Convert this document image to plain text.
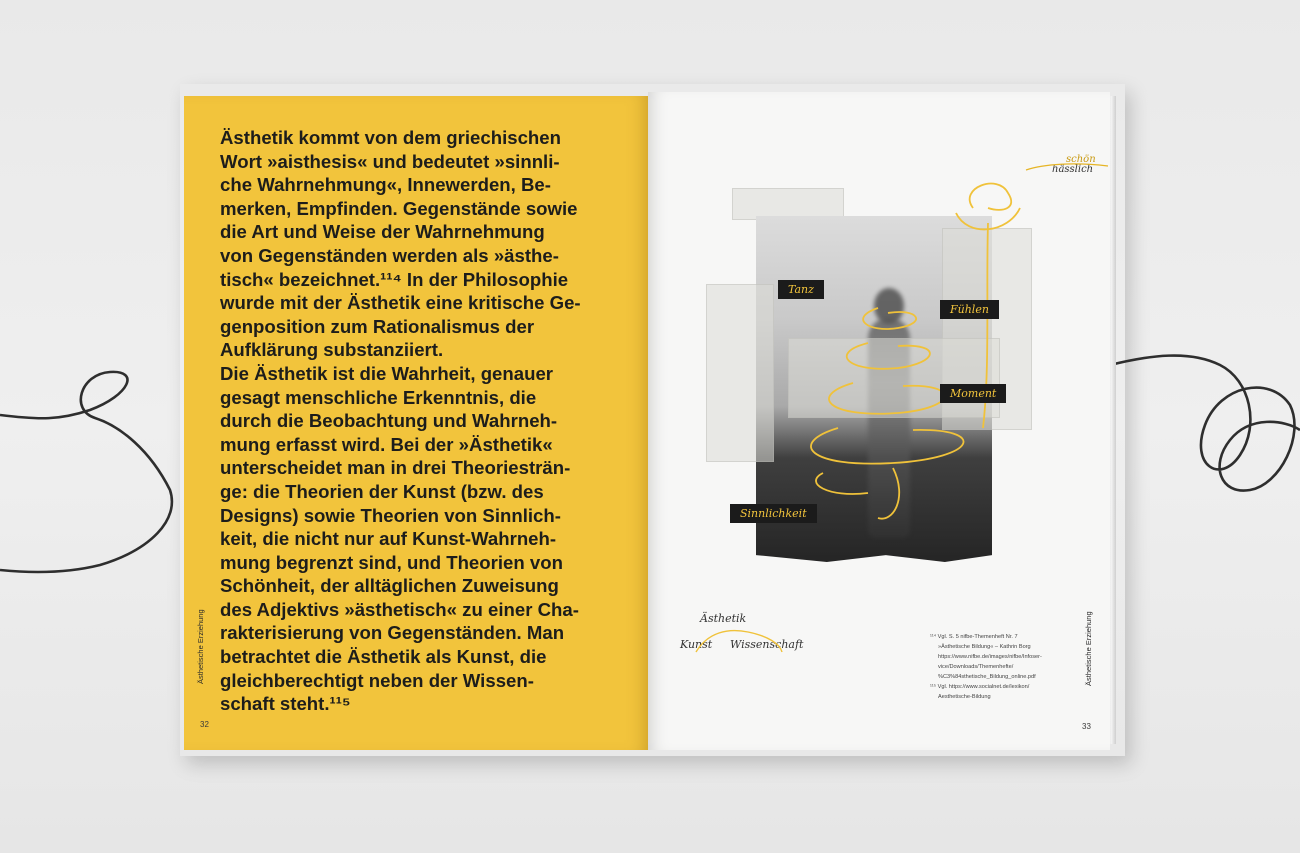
Ästhetik kommt von dem griechischen
Wort »aisthesis« und bedeutet »sinnli-
che Wahrnehmung«, Innewerden, Be-
merken, Empfinden. Gegenstände sowie
die Art und Weise der Wahrnehmung
von Gegenständen werden als »ästhe-
tisch« bezeichnet.¹¹⁴ In der Philosophie
wurde mit der Ästhetik eine kritische Ge-
genposition zum Rationalismus der
Aufklärung substanziiert.
Die Ästhetik ist die Wahrheit, genauer
gesagt menschliche Erkenntnis, die
durch die Beobachtung und Wahrneh-
mung erfasst wird. Bei der »Ästhetik«
unterscheidet man in drei Theoriesträn-
ge: die Theorien der Kunst (bzw. des
Designs) sowie Theorien von Sinnlich-
keit, die nicht nur auf Kunst-Wahrneh-
mung begrenzt sind, und Theorien von
Schönheit, der alltäglichen Zuweisung
des Adjektivs »ästhetisch« zu einer Cha-
rakterisierung von Gegenständen. Man
betrachtet die Ästhetik als Kunst, die
gleichberechtigt neben der Wissen-
schaft steht.¹¹⁵

Ästhetische Erziehung
32
schön
hässlich
Tanz
Fühlen
Moment
Sinnlichkeit
Ästhetik
Kunst Wissenschaft

¹¹⁴ Vgl. S. 5 nifbe-Themenheft Nr. 7

»Ästhetische Bildung« – Kathrin Borg

https://www.nifbe.de/images/nifbe/Infoser-

vice/Downloads/Themenhefte/

%C3%84sthetische_Bildung_online.pdf

¹¹⁵ Vgl. https://www.socialnet.de/lexikon/

Aesthetische-Bildung

Ästhetische Erziehung
33
